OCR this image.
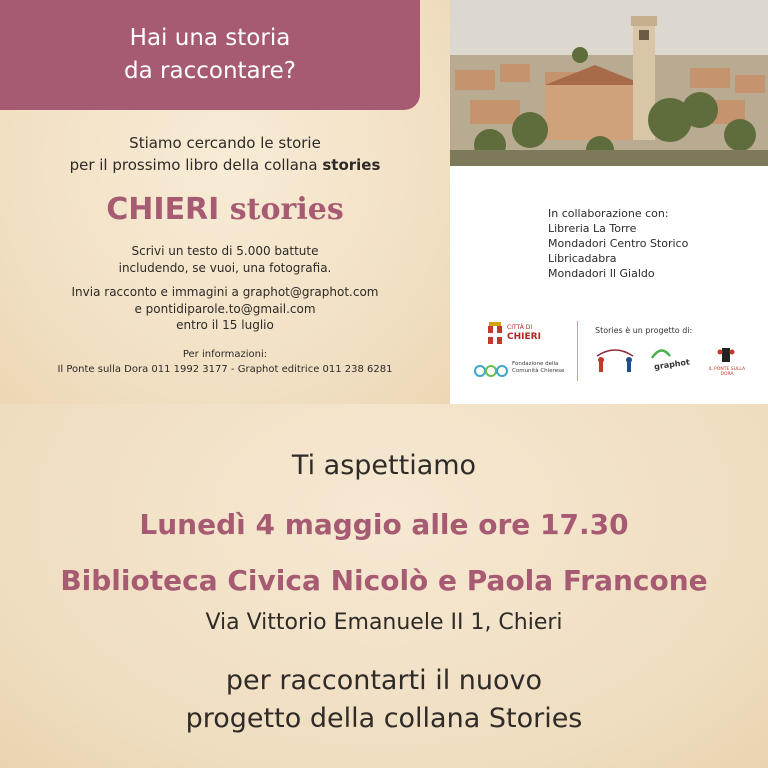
Hai una storia
da raccontare?
Stiamo cercando le storie
per il prossimo libro della collana stories
CHIERI stories
Scrivi un testo di 5.000 battute
includendo, se vuoi, una fotografia.
Invia racconto e immagini a graphot@graphot.com
e pontidiparole.to@gmail.com
entro il 15 luglio
Per informazioni:
Il Ponte sulla Dora 011 1992 3177 - Graphot editrice 011 238 6281
In collaborazione con:
Libreria La Torre
Mondadori Centro Storico
Libricadabra
Mondadori Il Gialdo
CITTÀ DI
CHIERI
Fondazione della Comunità Chierese
Stories è un progetto di:
graphot	IL PONTE SULLA DORA
Ti aspettiamo
Lunedì 4 maggio alle ore 17.30
Biblioteca Civica Nicolò e Paola Francone
Via Vittorio Emanuele II 1, Chieri
per raccontarti il nuovo
progetto della collana Stories
